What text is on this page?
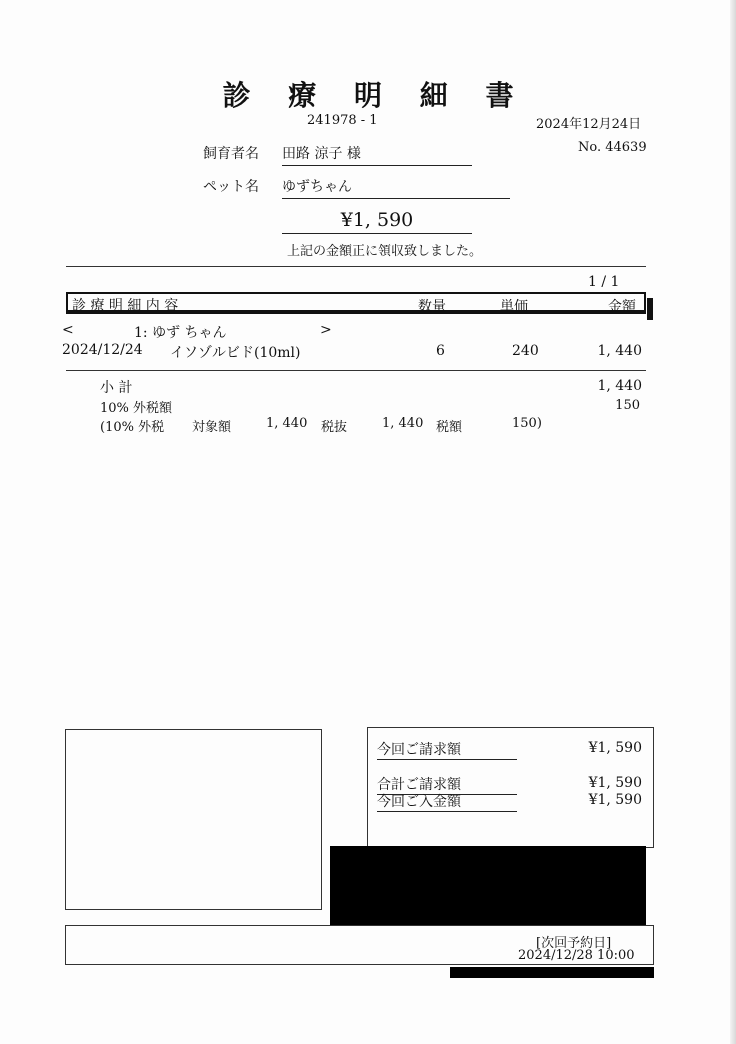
診 療 明 細 書
241978 - 1	2024年12月24日
No. 44639
飼育者名 田路 涼子 様
ペット名 ゆずちゃん
¥1, 590
上記の金額正に領収致しました。
1 / 1
診 療 明 細 内 容	数量	単価	金額
<	1: ゆず ちゃん	>
2024/12/24 イソゾルビド(10ml)	6	240	1, 440
小 計	1, 440
10% 外税額	150
(10% 外税 対象額	1, 440 税抜	1, 440 税額	150)
今回ご請求額	¥1, 590
合計ご請求額	¥1, 590
今回ご入金額	¥1, 590
[次回予約日]
2024/12/28 10:00
